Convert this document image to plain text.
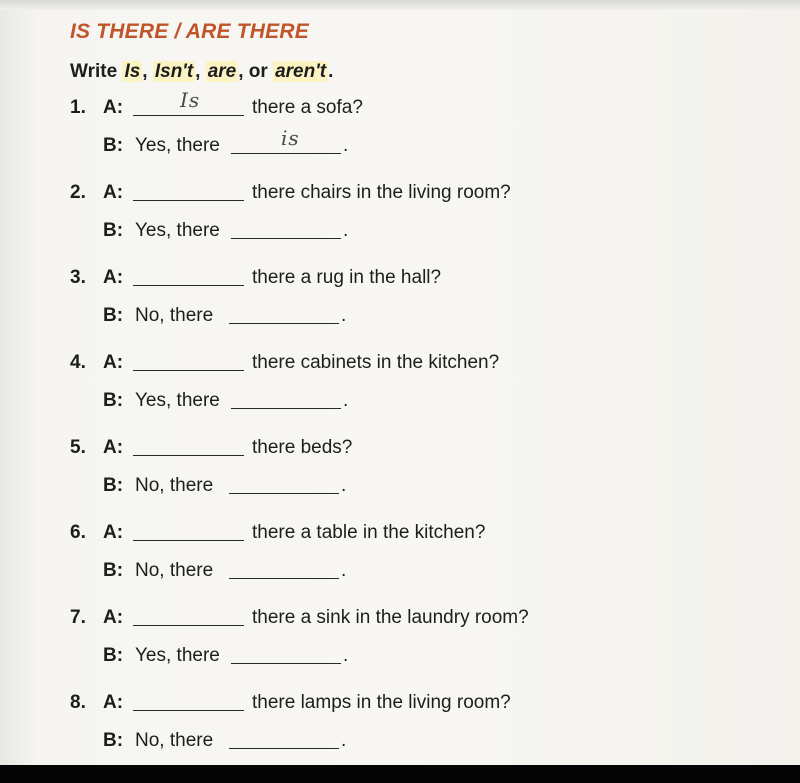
IS THERE / ARE THERE

Write Is , Isn't , are , or aren't .

1. A:	Is	there a sofa?
B: Yes, there	is .
2. A:	there chairs in the living room?
B: Yes, there	.
3. A:	there a rug in the hall?
B: No, there	.
4. A:	there cabinets in the kitchen?
B: Yes, there	.
5. A:	there beds?
B: No, there	.
6. A:	there a table in the kitchen?
B: No, there	.
7. A:	there a sink in the laundry room?
B: Yes, there	.
8. A:	there lamps in the living room?
B: No, there	.
